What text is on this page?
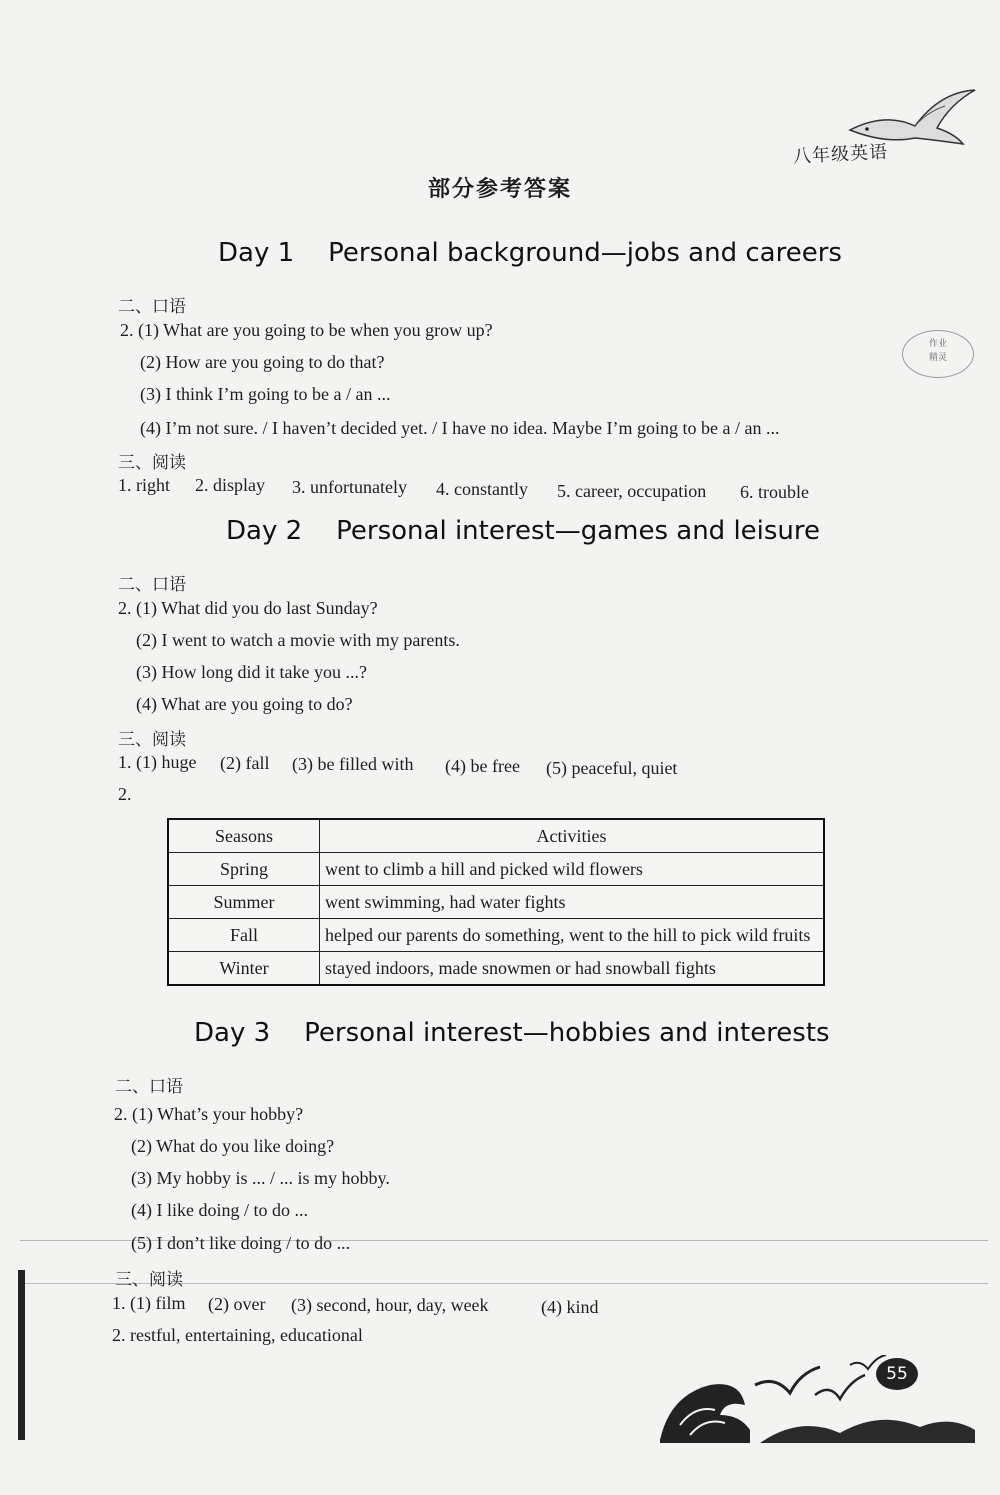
八年级英语
部分参考答案
作业
精灵
Day 1 Personal background—jobs and careers
二、口语
2. (1) What are you going to be when you grow up?
(2) How are you going to do that?
(3) I think I’m going to be a / an ...
(4) I’m not sure. / I haven’t decided yet. / I have no idea. Maybe I’m going to be a / an ...
三、阅读
1. right 2. display 3. unfortunately 4. constantly 5. career, occupation 6. trouble
Day 2 Personal interest—games and leisure
二、口语
2. (1) What did you do last Sunday?
(2) I went to watch a movie with my parents.
(3) How long did it take you ...?
(4) What are you going to do?
三、阅读
1. (1) huge (2) fall (3) be filled with (4) be free (5) peaceful, quiet
2.
Seasons	Activities
Spring	went to climb a hill and picked wild flowers
Summer	went swimming, had water fights
Fall	helped our parents do something, went to the hill to pick wild fruits
Winter	stayed indoors, made snowmen or had snowball fights
Day 3 Personal interest—hobbies and interests
二、口语
2. (1) What’s your hobby?
(2) What do you like doing?
(3) My hobby is ... / ... is my hobby.
(4) I like doing / to do ...
(5) I don’t like doing / to do ...
三、阅读
1. (1) film (2) over (3) second, hour, day, week	(4) kind
2. restful, entertaining, educational
55
